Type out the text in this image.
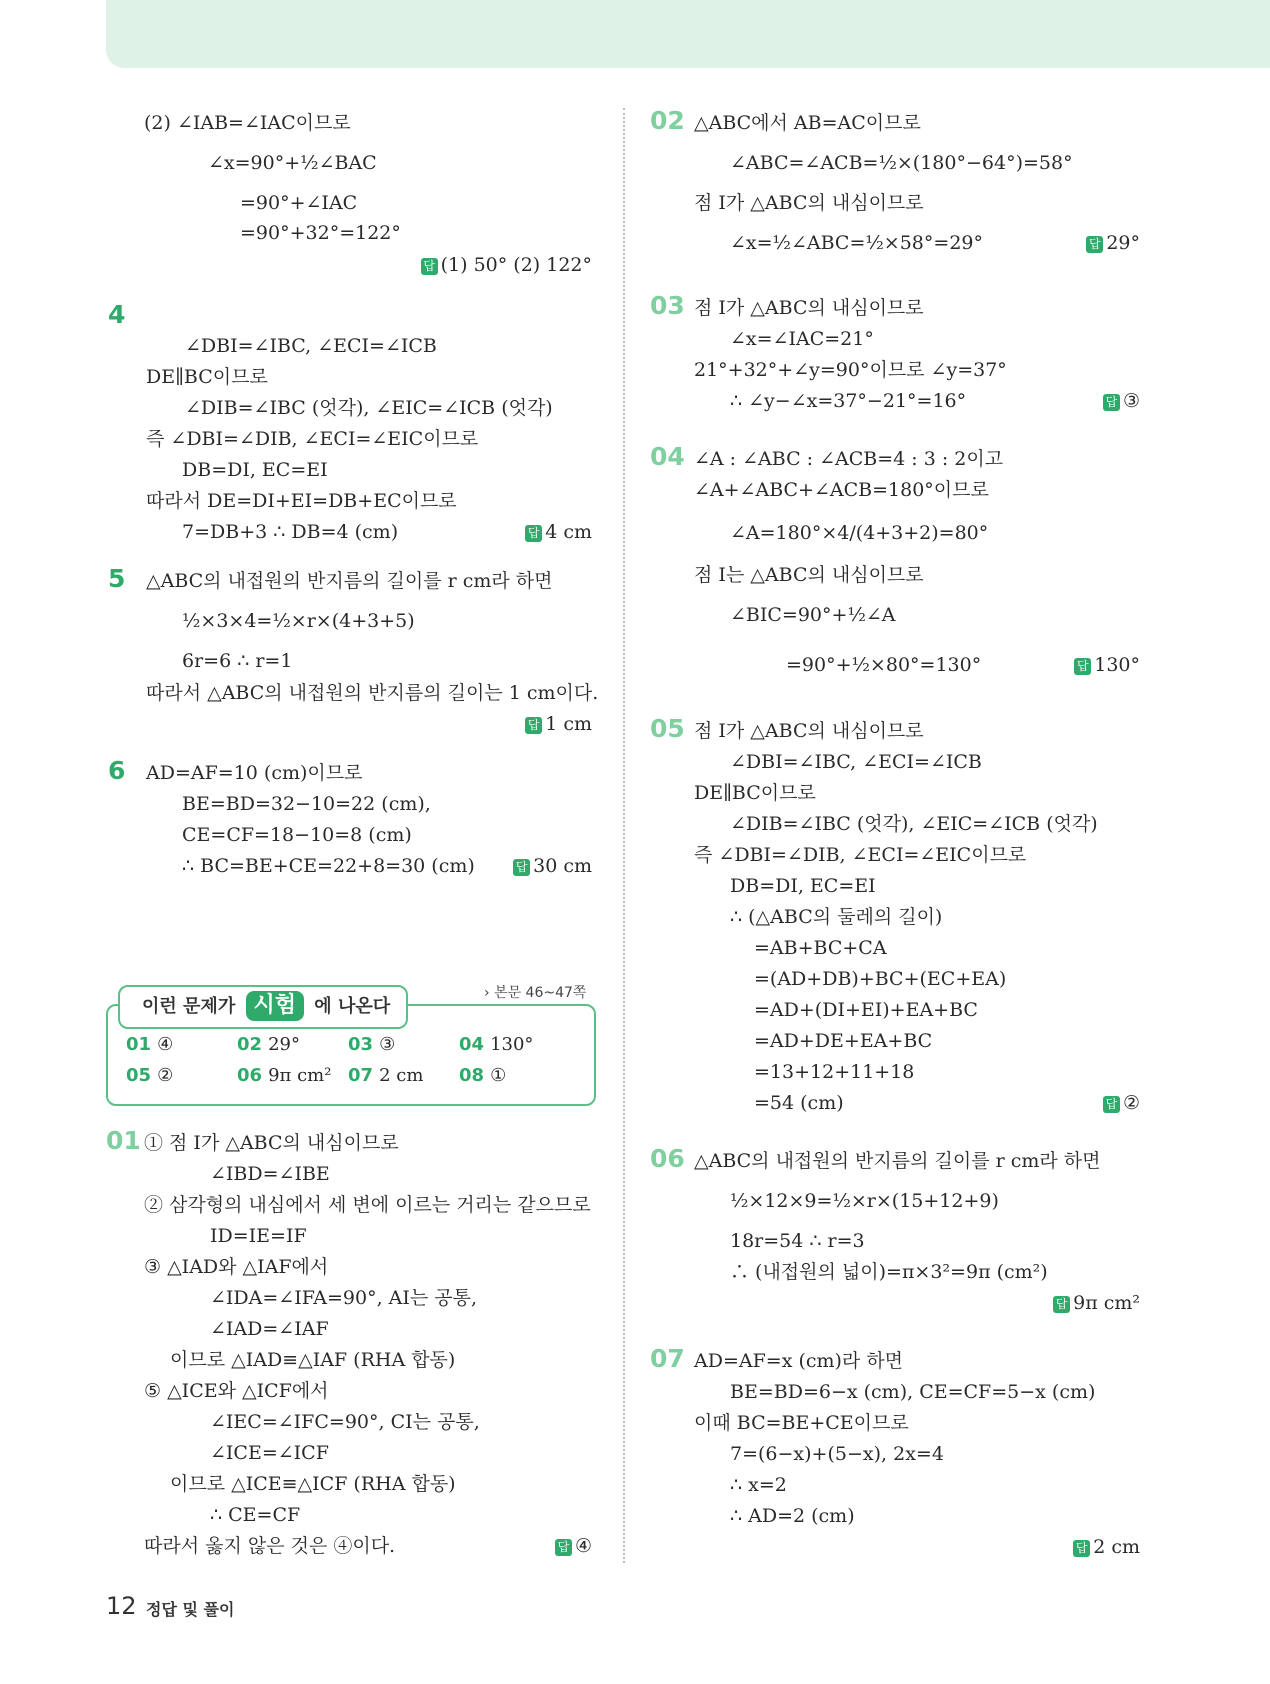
(2) ∠IAB=∠IAC이므로
∠x=90°+½∠BAC
=90°+∠IAC
=90°+32°=122°
∠DBI=∠IBC, ∠ECI=∠ICB
DE∥BC이므로
∠DIB=∠IBC (엇각), ∠EIC=∠ICB (엇각)
즉 ∠DBI=∠DIB, ∠ECI=∠EIC이므로
DB=DI, EC=EI
따라서 DE=DI+EI=DB+EC이므로
7=DB+3 ∴ DB=4 (cm)
△ABC의 내접원의 반지름의 길이를 r cm라 하면
½×3×4=½×r×(4+3+5)
6r=6 ∴ r=1
따라서 △ABC의 내접원의 반지름의 길이는 1 cm이다.
AD=AF=10 (cm)이므로
BE=BD=32−10=22 (cm),
CE=CF=18−10=8 (cm)
∴ BC=BE+CE=22+8=30 (cm)
① 점 I가 △ABC의 내심이므로
∠IBD=∠IBE
② 삼각형의 내심에서 세 변에 이르는 거리는 같으므로
ID=IE=IF
③ △IAD와 △IAF에서
∠IDA=∠IFA=90°, AI는 공통,
∠IAD=∠IAF
이므로 △IAD≡△IAF (RHA 합동)
⑤ △ICE와 △ICF에서
∠IEC=∠IFC=90°, CI는 공통,
∠ICE=∠ICF
이므로 △ICE≡△ICF (RHA 합동)
∴ CE=CF
따라서 옳지 않은 것은 ④이다.
4
5
6
01
답 (1) 50° (2) 122°
답 4 cm
답 1 cm
답 30 cm
답 ④
△ABC에서 AB=AC이므로
∠ABC=∠ACB=½×(180°−64°)=58°
점 I가 △ABC의 내심이므로
∠x=½∠ABC=½×58°=29°
점 I가 △ABC의 내심이므로
∠x=∠IAC=21°
21°+32°+∠y=90°이므로 ∠y=37°
∴ ∠y−∠x=37°−21°=16°
∠A : ∠ABC : ∠ACB=4 : 3 : 2이고
∠A+∠ABC+∠ACB=180°이므로
∠A=180°×4/(4+3+2)=80°
점 I는 △ABC의 내심이므로
∠BIC=90°+½∠A
=90°+½×80°=130°
점 I가 △ABC의 내심이므로
∠DBI=∠IBC, ∠ECI=∠ICB
DE∥BC이므로
∠DIB=∠IBC (엇각), ∠EIC=∠ICB (엇각)
즉 ∠DBI=∠DIB, ∠ECI=∠EIC이므로
DB=DI, EC=EI
∴ (△ABC의 둘레의 길이)
=AB+BC+CA
=(AD+DB)+BC+(EC+EA)
=AD+(DI+EI)+EA+BC
=AD+DE+EA+BC
=13+12+11+18
=54 (cm)
△ABC의 내접원의 반지름의 길이를 r cm라 하면
½×12×9=½×r×(15+12+9)
18r=54 ∴ r=3
∴ (내접원의 넓이)=π×3²=9π (cm²)
AD=AF=x (cm)라 하면
BE=BD=6−x (cm), CE=CF=5−x (cm)
이때 BC=BE+CE이므로
7=(6−x)+(5−x), 2x=4
∴ x=2
∴ AD=2 (cm)
02
03
04
05
06
07
답 29°
답 ③
답 130°
답 ②
답 9π cm²
답 2 cm
이런 문제가 시험 에 나온다
› 본문 46~47쪽
01 ④	02 29°	03 ③	04 130°
05 ②	06 9π cm² 07 2 cm 08 ①
12 정답 및 풀이
